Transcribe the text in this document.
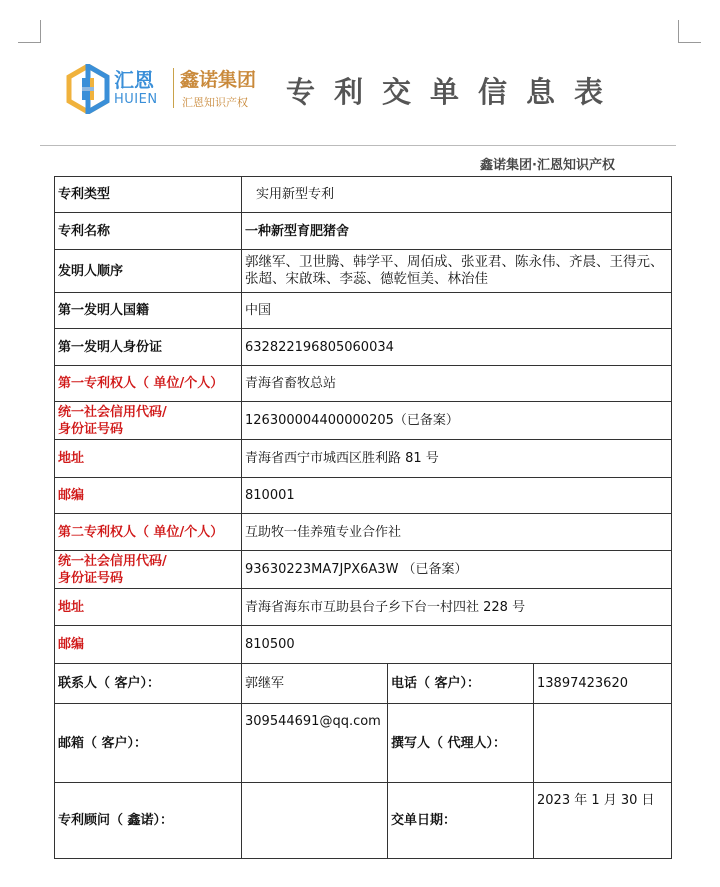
汇恩
HUIEN
鑫诺集团
汇恩知识产权 专利交单信息表
鑫诺集团·汇恩知识产权
专利类型	实用新型专利		
专利名称	一种新型育肥猪舍		
发明人顺序	郭继军、卫世腾、韩学平、周佰成、张亚君、陈永伟、齐晨、王得元、张超、宋啟珠、李蕊、德乾恒美、林治佳		
第一发明人国籍	中国		
第一发明人身份证	632822196805060034		
第一专利权人（ 单位/个人）	青海省畜牧总站		

统一社会信用代码/
身份证号码	126300004400000205（已备案）		
地址	青海省西宁市城西区胜利路 81 号		
邮编	810001		
第二专利权人（ 单位/个人）	互助牧一佳养殖专业合作社		

统一社会信用代码/
身份证号码	93630223MA7JPX6A3W （已备案）		
地址	青海省海东市互助县台子乡下台一村四社 228 号		
邮编	810500		
联系人（ 客户）：	郭继军	电话（ 客户）：	13897423620
邮箱（ 客户）：	309544691@qq.com	撰写人（ 代理人）：	
专利顾问（ 鑫诺）：		交单日期：	2023 年 1 月 30 日
